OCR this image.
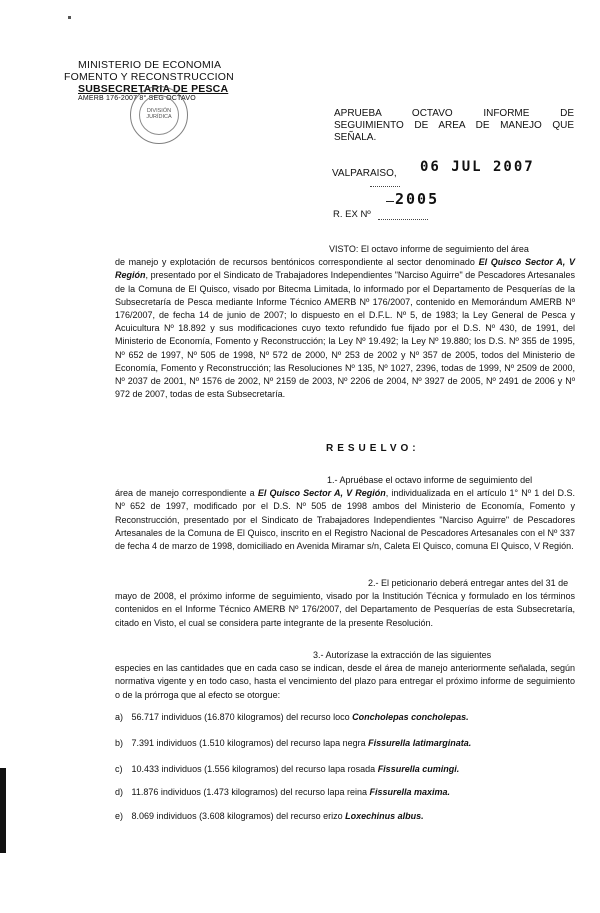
MINISTERIO DE ECONOMIA
FOMENTO Y RECONSTRUCCION
SUBSECRETARIA DE PESCA
AMERB 176-2007 8° SEG OCTAVO
DIVISIÓN JURÍDICA	APRUEBA OCTAVO INFORME DE
SEGUIMIENTO DE AREA DE MANEJO QUE
SEÑALA.
VALPARAISO, 06 JUL 2007
2005
R. EX Nº
VISTO: El octavo informe de seguimiento del área
de manejo y explotación de recursos bentónicos correspondiente al sector denominado El Quisco Sector A, V Región, presentado por el Sindicato de Trabajadores Independientes "Narciso Aguirre" de Pescadores Artesanales de la Comuna de El Quisco, visado por Bitecma Limitada, lo informado por el Departamento de Pesquerías de la Subsecretaría de Pesca mediante Informe Técnico AMERB Nº 176/2007, contenido en Memorándum AMERB Nº 176/2007, de fecha 14 de junio de 2007; lo dispuesto en el D.F.L. Nº 5, de 1983; la Ley General de Pesca y Acuicultura Nº 18.892 y sus modificaciones cuyo texto refundido fue fijado por el D.S. Nº 430, de 1991, del Ministerio de Economía, Fomento y Reconstrucción; la Ley Nº 19.492; la Ley Nº 19.880; los D.S. Nº 355 de 1995, Nº 652 de 1997, Nº 505 de 1998, Nº 572 de 2000, Nº 253 de 2002 y Nº 357 de 2005, todos del Ministerio de Economía, Fomento y Reconstrucción; las Resoluciones Nº 135, Nº 1027, 2396, todas de 1999, Nº 2509 de 2000, Nº 2037 de 2001, Nº 1576 de 2002, Nº 2159 de 2003, Nº 2206 de 2004, Nº 3927 de 2005, Nº 2491 de 2006 y Nº 972 de 2007, todas de esta Subsecretaría.
RESUELVO:
1.- Apruébase el octavo informe de seguimiento del
área de manejo correspondiente a El Quisco Sector A, V Región, individualizada en el artículo 1° Nº 1 del D.S. Nº 652 de 1997, modificado por el D.S. Nº 505 de 1998 ambos del Ministerio de Economía, Fomento y Reconstrucción, presentado por el Sindicato de Trabajadores Independientes "Narciso Aguirre" de Pescadores Artesanales de la Comuna de El Quisco, inscrito en el Registro Nacional de Pescadores Artesanales con el Nº 337 de fecha 4 de marzo de 1998, domiciliado en Avenida Miramar s/n, Caleta El Quisco, comuna El Quisco, V Región.
2.- El peticionario deberá entregar antes del 31 de
mayo de 2008, el próximo informe de seguimiento, visado por la Institución Técnica y formulado en los términos contenidos en el Informe Técnico AMERB Nº 176/2007, del Departamento de Pesquerías de esta Subsecretaría, citado en Visto, el cual se considera parte integrante de la presente Resolución.
3.- Autorízase la extracción de las siguientes
especies en las cantidades que en cada caso se indican, desde el área de manejo anteriormente señalada, según normativa vigente y en todo caso, hasta el vencimiento del plazo para entregar el próximo informe de seguimiento o de la prórroga que al efecto se otorgue:
a) 56.717 individuos (16.870 kilogramos) del recurso loco Concholepas concholepas.
b) 7.391 individuos (1.510 kilogramos) del recurso lapa negra Fissurella latimarginata.
c) 10.433 individuos (1.556 kilogramos) del recurso lapa rosada Fissurella cumingi.
d) 11.876 individuos (1.473 kilogramos) del recurso lapa reina Fissurella maxima.
e) 8.069 individuos (3.608 kilogramos) del recurso erizo Loxechinus albus.
